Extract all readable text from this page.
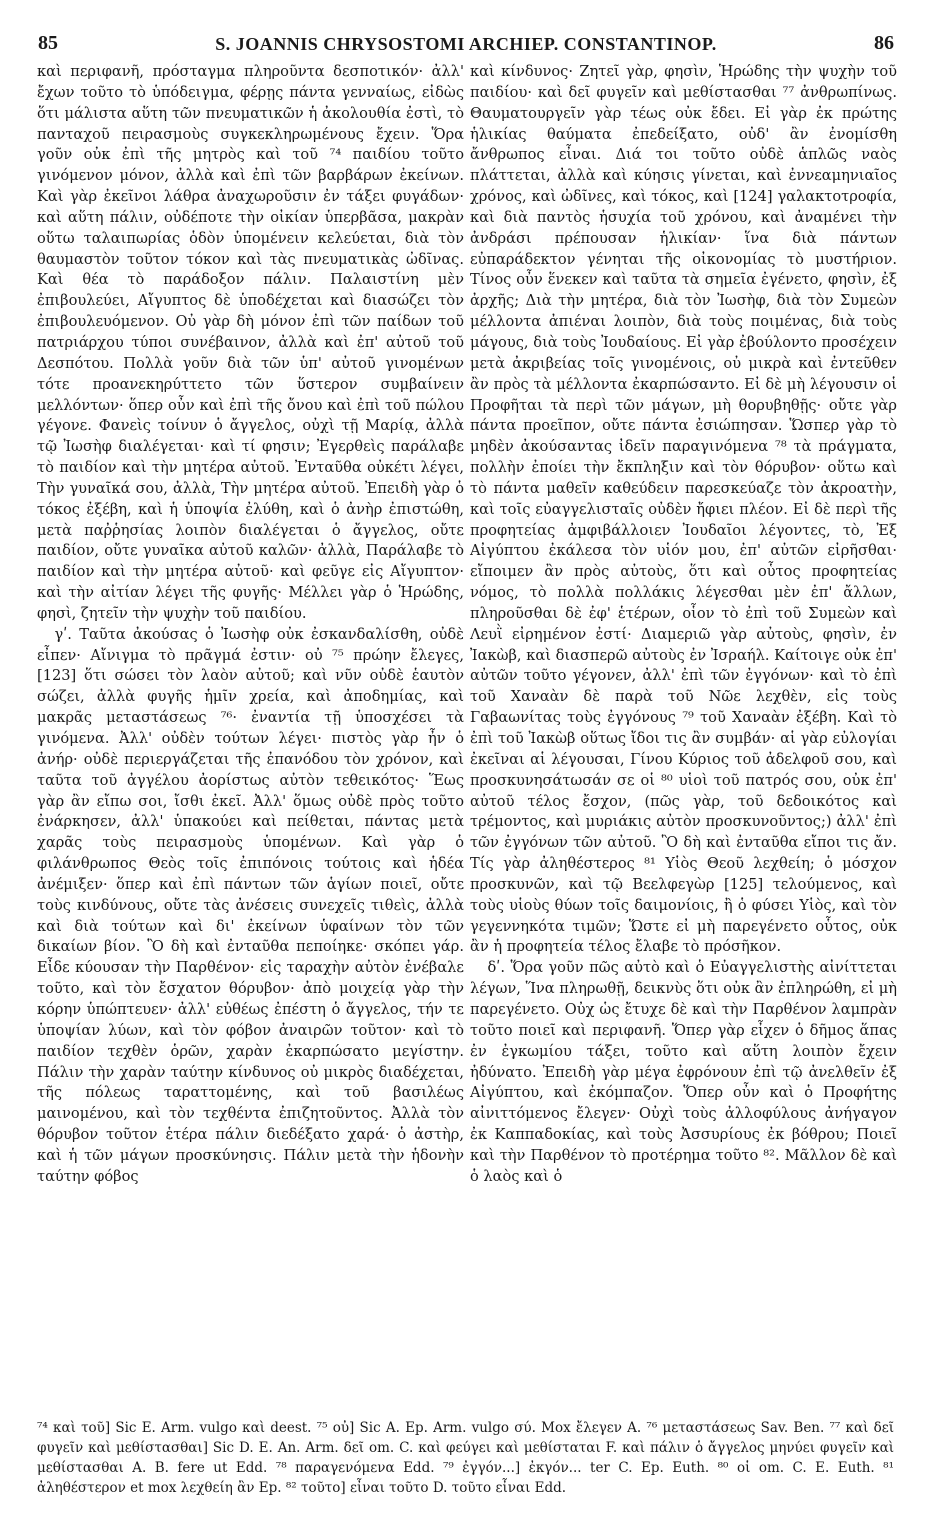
85	S. JOANNIS CHRYSOSTOMI ARCHIEP. CONSTANTINOP.	86

καὶ περιφανῆ, πρόσταγμα πληροῦντα δεσποτικόν· ἀλλ' ἔχων τοῦτο τὸ ὑπόδειγμα, φέρῃς πάντα γενναίως, εἰδὼς ὅτι μάλιστα αὕτη τῶν πνευματικῶν ἡ ἀκολουθία ἐστὶ, τὸ πανταχοῦ πειρασμοὺς συγκεκληρωμένους ἔχειν. Ὅρα γοῦν οὐκ ἐπὶ τῆς μητρὸς καὶ τοῦ ⁷⁴ παιδίου τοῦτο γινόμενον μόνον, ἀλλὰ καὶ ἐπὶ τῶν βαρβάρων ἐκείνων. Καὶ γὰρ ἐκεῖνοι λάθρα ἀναχωροῦσιν ἐν τάξει φυγάδων· καὶ αὕτη πάλιν, οὐδέποτε τὴν οἰκίαν ὑπερβᾶσα, μακρὰν οὕτω ταλαιπωρίας ὁδὸν ὑπομένειν κελεύεται, διὰ τὸν θαυμαστὸν τοῦτον τόκον καὶ τὰς πνευματικὰς ὠδῖνας. Καὶ θέα τὸ παράδοξον πάλιν. Παλαιστίνη μὲν ἐπιβουλεύει, Αἴγυπτος δὲ ὑποδέχεται καὶ διασώζει τὸν ἐπιβουλευόμενον. Οὐ γὰρ δὴ μόνον ἐπὶ τῶν παίδων τοῦ πατριάρχου τύποι συνέβαινον, ἀλλὰ καὶ ἐπ' αὐτοῦ τοῦ Δεσπότου. Πολλὰ γοῦν διὰ τῶν ὑπ' αὐτοῦ γινομένων τότε προανεκηρύττετο τῶν ὕστερον συμβαίνειν μελλόντων· ὅπερ οὖν καὶ ἐπὶ τῆς ὄνου καὶ ἐπὶ τοῦ πώλου γέγονε. Φανεὶς τοίνυν ὁ ἄγγελος, οὐχὶ τῇ Μαρίᾳ, ἀλλὰ τῷ Ἰωσὴφ διαλέγεται· καὶ τί φησιν; Ἐγερθεὶς παράλαβε τὸ παιδίον καὶ τὴν μητέρα αὐτοῦ. Ἐνταῦθα οὐκέτι λέγει, Τὴν γυναῖκά σου, ἀλλὰ, Τὴν μητέρα αὐτοῦ. Ἐπειδὴ γὰρ ὁ τόκος ἐξέβη, καὶ ἡ ὑποψία ἐλύθη, καὶ ὁ ἀνὴρ ἐπιστώθη, μετὰ παῤῥησίας λοιπὸν διαλέγεται ὁ ἄγγελος, οὔτε παιδίον, οὔτε γυναῖκα αὐτοῦ καλῶν· ἀλλὰ, Παράλαβε τὸ παιδίον καὶ τὴν μητέρα αὐτοῦ· καὶ φεῦγε εἰς Αἴγυπτον· καὶ τὴν αἰτίαν λέγει τῆς φυγῆς· Μέλλει γὰρ ὁ Ἡρώδης, φησὶ, ζητεῖν τὴν ψυχὴν τοῦ παιδίου.

γʹ. Ταῦτα ἀκούσας ὁ Ἰωσὴφ οὐκ ἐσκανδαλίσθη, οὐδὲ εἶπεν· Αἴνιγμα τὸ πρᾶγμά ἐστιν· οὐ ⁷⁵ πρώην ἔλεγες, [123] ὅτι σώσει τὸν λαὸν αὐτοῦ; καὶ νῦν οὐδὲ ἑαυτὸν σώζει, ἀλλὰ φυγῆς ἡμῖν χρεία, καὶ ἀποδημίας, καὶ μακρᾶς μεταστάσεως ⁷⁶· ἐναντία τῇ ὑποσχέσει τὰ γινόμενα. Ἀλλ' οὐδὲν τούτων λέγει· πιστὸς γὰρ ἦν ὁ ἀνήρ· οὐδὲ περιεργάζεται τῆς ἐπανόδου τὸν χρόνον, καὶ ταῦτα τοῦ ἀγγέλου ἀορίστως αὐτὸν τεθεικότος· Ἕως γὰρ ἂν εἴπω σοι, ἴσθι ἐκεῖ. Ἀλλ' ὅμως οὐδὲ πρὸς τοῦτο ἐνάρκησεν, ἀλλ' ὑπακούει καὶ πείθεται, πάντας μετὰ χαρᾶς τοὺς πειρασμοὺς ὑπομένων. Καὶ γὰρ ὁ φιλάνθρωπος Θεὸς τοῖς ἐπιπόνοις τούτοις καὶ ἡδέα ἀνέμιξεν· ὅπερ καὶ ἐπὶ πάντων τῶν ἁγίων ποιεῖ, οὔτε τοὺς κινδύνους, οὔτε τὰς ἀνέσεις συνεχεῖς τιθεὶς, ἀλλὰ καὶ διὰ τούτων καὶ δι' ἐκείνων ὑφαίνων τὸν τῶν δικαίων βίον. Ὃ δὴ καὶ ἐνταῦθα πεποίηκε· σκόπει γάρ. Εἶδε κύουσαν τὴν Παρθένον· εἰς ταραχὴν αὐτὸν ἐνέβαλε τοῦτο, καὶ τὸν ἔσχατον θόρυβον· ἀπὸ μοιχείᾳ γὰρ τὴν κόρην ὑπώπτευεν· ἀλλ' εὐθέως ἐπέστη ὁ ἄγγελος, τήν τε ὑποψίαν λύων, καὶ τὸν φόβον ἀναιρῶν τοῦτον· καὶ τὸ παιδίον τεχθὲν ὁρῶν, χαρὰν ἐκαρπώσατο μεγίστην. Πάλιν τὴν χαρὰν ταύτην κίνδυνος οὐ μικρὸς διαδέχεται, τῆς πόλεως ταραττομένης, καὶ τοῦ βασιλέως μαινομένου, καὶ τὸν τεχθέντα ἐπιζητοῦντος. Ἀλλὰ τὸν θόρυβον τοῦτον ἑτέρα πάλιν διεδέξατο χαρά· ὁ ἀστὴρ, καὶ ἡ τῶν μάγων προσκύνησις. Πάλιν μετὰ τὴν ἡδονὴν ταύτην φόβος

καὶ κίνδυνος· Ζητεῖ γὰρ, φησὶν, Ἡρώδης τὴν ψυχὴν τοῦ παιδίου· καὶ δεῖ φυγεῖν καὶ μεθίστασθαι ⁷⁷ ἀνθρωπίνως. Θαυματουργεῖν γὰρ τέως οὐκ ἔδει. Εἰ γὰρ ἐκ πρώτης ἡλικίας θαύματα ἐπεδείξατο, οὐδ' ἂν ἐνομίσθη ἄνθρωπος εἶναι. Διά τοι τοῦτο οὐδὲ ἁπλῶς ναὸς πλάττεται, ἀλλὰ καὶ κύησις γίνεται, καὶ ἐννεαμηνιαῖος χρόνος, καὶ ὠδῖνες, καὶ τόκος, καὶ [124] γαλακτοτροφία, καὶ διὰ παντὸς ἡσυχία τοῦ χρόνου, καὶ ἀναμένει τὴν ἀνδράσι πρέπουσαν ἡλικίαν· ἵνα διὰ πάντων εὐπαράδεκτον γένηται τῆς οἰκονομίας τὸ μυστήριον. Τίνος οὖν ἕνεκεν καὶ ταῦτα τὰ σημεῖα ἐγένετο, φησὶν, ἐξ ἀρχῆς; Διὰ τὴν μητέρα, διὰ τὸν Ἰωσὴφ, διὰ τὸν Συμεὼν μέλλοντα ἀπιέναι λοιπὸν, διὰ τοὺς ποιμένας, διὰ τοὺς μάγους, διὰ τοὺς Ἰουδαίους. Εἰ γὰρ ἐβούλοντο προσέχειν μετὰ ἀκριβείας τοῖς γινομένοις, οὐ μικρὰ καὶ ἐντεῦθεν ἂν πρὸς τὰ μέλλοντα ἐκαρπώσαντο. Εἰ δὲ μὴ λέγουσιν οἱ Προφῆται τὰ περὶ τῶν μάγων, μὴ θορυβηθῇς· οὔτε γὰρ πάντα προεῖπον, οὔτε πάντα ἐσιώπησαν. Ὥσπερ γὰρ τὸ μηδὲν ἀκούσαντας ἰδεῖν παραγινόμενα ⁷⁸ τὰ πράγματα, πολλὴν ἐποίει τὴν ἔκπληξιν καὶ τὸν θόρυβον· οὕτω καὶ τὸ πάντα μαθεῖν καθεύδειν παρεσκεύαζε τὸν ἀκροατὴν, καὶ τοῖς εὐαγγελισταῖς οὐδὲν ἤφιει πλέον. Εἰ δὲ περὶ τῆς προφητείας ἀμφιβάλλοιεν Ἰουδαῖοι λέγοντες, τὸ, Ἐξ Αἰγύπτου ἐκάλεσα τὸν υἱόν μου, ἐπ' αὐτῶν εἰρῆσθαι· εἴποιμεν ἂν πρὸς αὐτοὺς, ὅτι καὶ οὗτος προφητείας νόμος, τὸ πολλὰ πολλάκις λέγεσθαι μὲν ἐπ' ἄλλων, πληροῦσθαι δὲ ἐφ' ἑτέρων, οἷον τὸ ἐπὶ τοῦ Συμεὼν καὶ Λευῒ εἰρημένον ἐστί· Διαμεριῶ γὰρ αὐτοὺς, φησὶν, ἐν Ἰακὼβ, καὶ διασπερῶ αὐτοὺς ἐν Ἰσραήλ. Καίτοιγε οὐκ ἐπ' αὐτῶν τοῦτο γέγονεν, ἀλλ' ἐπὶ τῶν ἐγγόνων· καὶ τὸ ἐπὶ τοῦ Χαναὰν δὲ παρὰ τοῦ Νῶε λεχθὲν, εἰς τοὺς Γαβαωνίτας τοὺς ἐγγόνους ⁷⁹ τοῦ Χαναὰν ἐξέβη. Καὶ τὸ ἐπὶ τοῦ Ἰακὼβ οὕτως ἴδοι τις ἂν συμβάν· αἱ γὰρ εὐλογίαι ἐκεῖναι αἱ λέγουσαι, Γίνου Κύριος τοῦ ἀδελφοῦ σου, καὶ προσκυνησάτωσάν σε οἱ ⁸⁰ υἱοὶ τοῦ πατρός σου, οὐκ ἐπ' αὐτοῦ τέλος ἔσχον, (πῶς γὰρ, τοῦ δεδοικότος καὶ τρέμοντος, καὶ μυριάκις αὐτὸν προσκυνοῦντος;) ἀλλ' ἐπὶ τῶν ἐγγόνων τῶν αὐτοῦ. Ὃ δὴ καὶ ἐνταῦθα εἴποι τις ἄν. Τίς γὰρ ἀληθέστερος ⁸¹ Υἱὸς Θεοῦ λεχθείη; ὁ μόσχον προσκυνῶν, καὶ τῷ Βεελφεγὼρ [125] τελούμενος, καὶ τοὺς υἱοὺς θύων τοῖς δαιμονίοις, ἢ ὁ φύσει Υἱὸς, καὶ τὸν γεγεννηκότα τιμῶν; Ὥστε εἰ μὴ παρεγένετο οὗτος, οὐκ ἂν ἡ προφητεία τέλος ἔλαβε τὸ πρόσῆκον.

δʹ. Ὅρα γοῦν πῶς αὐτὸ καὶ ὁ Εὐαγγελιστὴς αἰνίττεται λέγων, Ἵνα πληρωθῇ, δεικνὺς ὅτι οὐκ ἂν ἐπληρώθη, εἰ μὴ παρεγένετο. Οὐχ ὡς ἔτυχε δὲ καὶ τὴν Παρθένον λαμπρὰν τοῦτο ποιεῖ καὶ περιφανῆ. Ὅπερ γὰρ εἶχεν ὁ δῆμος ἅπας ἐν ἐγκωμίου τάξει, τοῦτο καὶ αὕτη λοιπὸν ἔχειν ἠδύνατο. Ἐπειδὴ γὰρ μέγα ἐφρόνουν ἐπὶ τῷ ἀνελθεῖν ἐξ Αἰγύπτου, καὶ ἐκόμπαζον. Ὅπερ οὖν καὶ ὁ Προφήτης αἰνιττόμενος ἔλεγεν· Οὐχὶ τοὺς ἀλλοφύλους ἀνήγαγον ἐκ Καππαδοκίας, καὶ τοὺς Ἀσσυρίους ἐκ βόθρου; Ποιεῖ καὶ τὴν Παρθένον τὸ προτέρημα τοῦτο ⁸². Μᾶλλον δὲ καὶ ὁ λαὸς καὶ ὁ

⁷⁴ καὶ τοῦ] Sic E. Arm. vulgo καὶ deest. ⁷⁵ οὐ] Sic A. Ep. Arm. vulgo σύ. Mox ἔλεγεν A. ⁷⁶ μεταστάσεως Sav. Ben. ⁷⁷ καὶ δεῖ φυγεῖν καὶ μεθίστασθαι] Sic D. E. An. Arm. δεῖ om. C. καὶ φεύγει καὶ μεθίσταται F. καὶ πάλιν ὁ ἄγγελος μηνύει φυγεῖν καὶ μεθίστασθαι A. B. fere ut Edd. ⁷⁸ παραγενόμενα Edd. ⁷⁹ ἐγγόν...] ἐκγόν... ter C. Ep. Euth. ⁸⁰ οἱ om. C. E. Euth. ⁸¹ ἀληθέστερον et mox λεχθείη ἂν Ep. ⁸² τοῦτο] εἶναι τοῦτο D. τοῦτο εἶναι Edd.
